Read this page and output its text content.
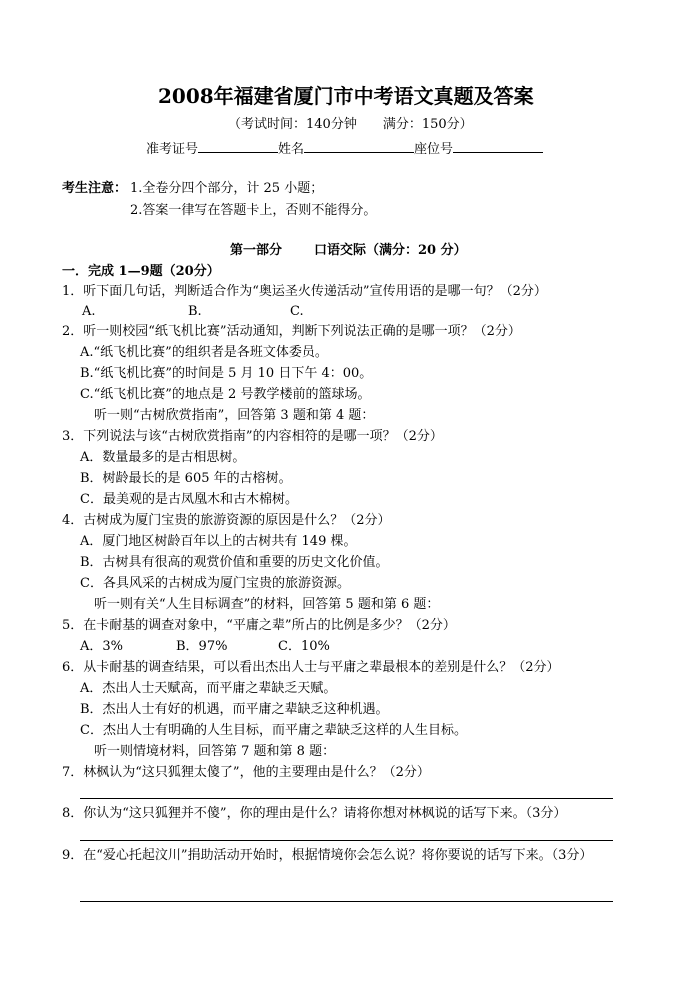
2008年福建省厦门市中考语文真题及答案
（考试时间：140分钟　　满分：150分）
准考证号	姓名	座位号
考生注意： 1.全卷分四个部分，计 25 小题；
2.答案一律写在答题卡上，否则不能得分。
第一部分 口语交际（满分：20 分）
一．完成 1—9题（20分）
1．听下面几句话，判断适合作为“奥运圣火传递活动”宣传用语的是哪一句？（2分）
A.	B.	C.
2．听一则校园“纸飞机比赛”活动通知，判断下列说法正确的是哪一项？（2分）
A.“纸飞机比赛”的组织者是各班文体委员。
B.“纸飞机比赛”的时间是 5 月 10 日下午 4：00。
C.“纸飞机比赛”的地点是 2 号教学楼前的篮球场。
听一则“古树欣赏指南”，回答第 3 题和第 4 题：
3．下列说法与该“古树欣赏指南”的内容相符的是哪一项？（2分）
A．数量最多的是古相思树。
B．树龄最长的是 605 年的古榕树。
C．最美观的是古凤凰木和古木棉树。
4．古树成为厦门宝贵的旅游资源的原因是什么？（2分）
A．厦门地区树龄百年以上的古树共有 149 棵。
B．古树具有很高的观赏价值和重要的历史文化价值。
C．各具风采的古树成为厦门宝贵的旅游资源。
听一则有关“人生目标调查”的材料，回答第 5 题和第 6 题：
5．在卡耐基的调查对象中，“平庸之辈”所占的比例是多少？（2分）
A．3%	B．97%	C．10%
6．从卡耐基的调查结果，可以看出杰出人士与平庸之辈最根本的差别是什么？（2分）
A．杰出人士天赋高，而平庸之辈缺乏天赋。
B．杰出人士有好的机遇，而平庸之辈缺乏这种机遇。
C．杰出人士有明确的人生目标，而平庸之辈缺乏这样的人生目标。
听一则情境材料，回答第 7 题和第 8 题：
7．林枫认为“这只狐狸太傻了”，他的主要理由是什么？（2分）
8．你认为“这只狐狸并不傻”，你的理由是什么？请将你想对林枫说的话写下来。（3分）
9．在“爱心托起汶川”捐助活动开始时，根据情境你会怎么说？将你要说的话写下来。（3分）
